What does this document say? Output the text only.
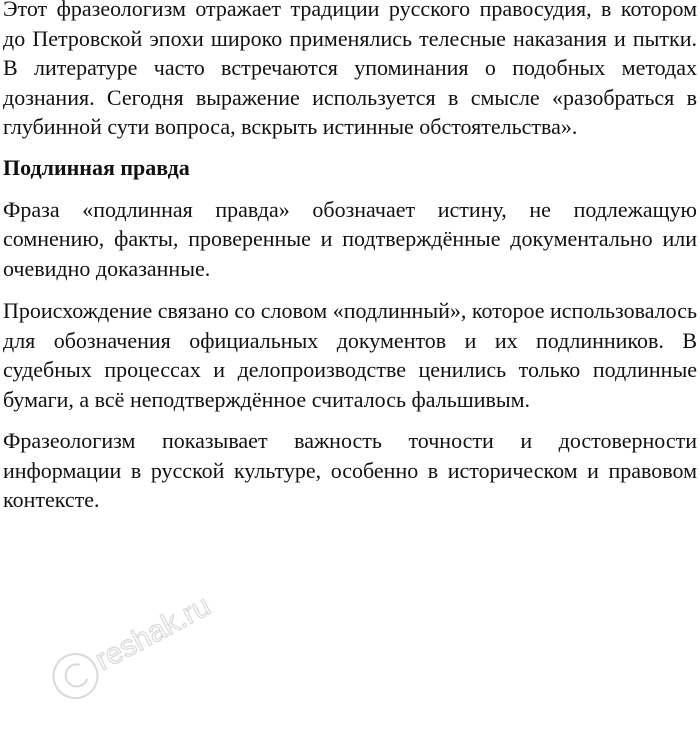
Этот фразеологизм отражает традиции русского правосудия, в котором до Петровской эпохи широко применялись телесные наказания и пытки. В литературе часто встречаются упоминания о подобных методах дознания. Сегодня выражение используется в смысле «разобраться в глубинной сути вопроса, вскрыть истинные обстоятельства».

Подлинная правда

Фраза «подлинная правда» обозначает истину, не подлежащую сомнению, факты, проверенные и подтверждённые документально или очевидно доказанные.

Происхождение связано со словом «подлинный», которое использовалось для обозначения официальных документов и их подлинников. В судебных процессах и делопроизводстве ценились только подлинные бумаги, а всё неподтверждённое считалось фальшивым.

Фразеологизм показывает важность точности и достоверности информации в русской культуре, особенно в историческом и правовом контексте.

reshak.ru
